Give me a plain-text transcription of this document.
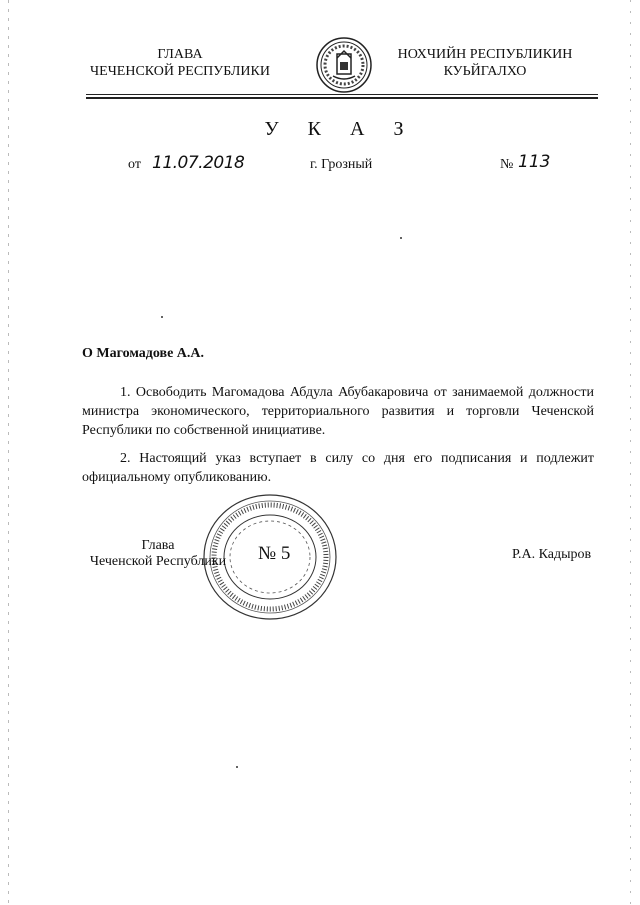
ГЛАВА
ЧЕЧЕНСКОЙ РЕСПУБЛИКИ
НОХЧИЙН РЕСПУБЛИКИН
КУЬЙГАЛХО
У К А З
от 11.07.2018	г. Грозный	№ 113
О Магомадове А.А.
1. Освободить Магомадова Абдула Абубакаровича от занимаемой должности министра экономического, территориального развития и торговли Чеченской Республики по собственной инициативе.
2. Настоящий указ вступает в силу со дня его подписания и подлежит официальному опубликованию.
№ 5
Глава
Чеченской Республики	Р.А. Кадыров
